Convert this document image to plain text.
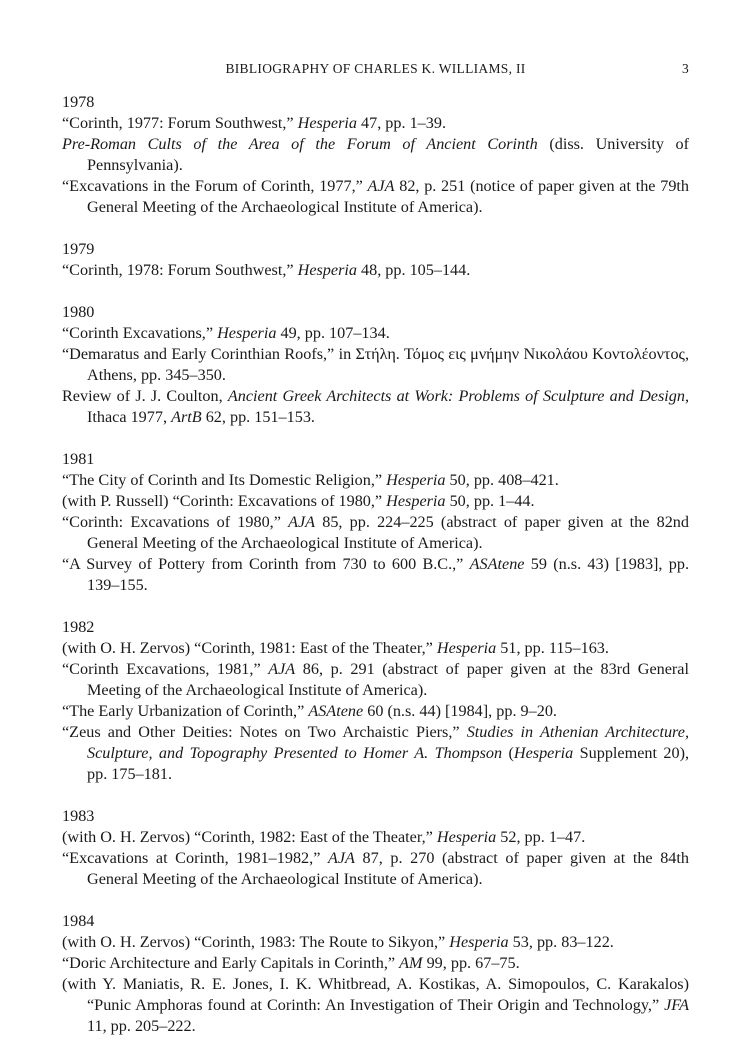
BIBLIOGRAPHY OF CHARLES K. WILLIAMS, II	3
1978
“Corinth, 1977: Forum Southwest,” Hesperia 47, pp. 1–39.
Pre-Roman Cults of the Area of the Forum of Ancient Corinth (diss. University of Pennsylvania).
“Excavations in the Forum of Corinth, 1977,” AJA 82, p. 251 (notice of paper given at the 79th General Meeting of the Archaeological Institute of America).
1979
“Corinth, 1978: Forum Southwest,” Hesperia 48, pp. 105–144.
1980
“Corinth Excavations,” Hesperia 49, pp. 107–134.
“Demaratus and Early Corinthian Roofs,” in Στήλη. Τόμος εις μνήμην Νικολάου Κοντολέοντος, Athens, pp. 345–350.
Review of J. J. Coulton, Ancient Greek Architects at Work: Problems of Sculpture and Design, Ithaca 1977, ArtB 62, pp. 151–153.
1981
“The City of Corinth and Its Domestic Religion,” Hesperia 50, pp. 408–421.
(with P. Russell) “Corinth: Excavations of 1980,” Hesperia 50, pp. 1–44.
“Corinth: Excavations of 1980,” AJA 85, pp. 224–225 (abstract of paper given at the 82nd General Meeting of the Archaeological Institute of America).
“A Survey of Pottery from Corinth from 730 to 600 B.C.,” ASAtene 59 (n.s. 43) [1983], pp. 139–155.
1982
(with O. H. Zervos) “Corinth, 1981: East of the Theater,” Hesperia 51, pp. 115–163.
“Corinth Excavations, 1981,” AJA 86, p. 291 (abstract of paper given at the 83rd General Meeting of the Archaeological Institute of America).
“The Early Urbanization of Corinth,” ASAtene 60 (n.s. 44) [1984], pp. 9–20.
“Zeus and Other Deities: Notes on Two Archaistic Piers,” Studies in Athenian Architecture, Sculpture, and Topography Presented to Homer A. Thompson (Hesperia Supplement 20), pp. 175–181.
1983
(with O. H. Zervos) “Corinth, 1982: East of the Theater,” Hesperia 52, pp. 1–47.
“Excavations at Corinth, 1981–1982,” AJA 87, p. 270 (abstract of paper given at the 84th General Meeting of the Archaeological Institute of America).
1984
(with O. H. Zervos) “Corinth, 1983: The Route to Sikyon,” Hesperia 53, pp. 83–122.
“Doric Architecture and Early Capitals in Corinth,” AM 99, pp. 67–75.
(with Y. Maniatis, R. E. Jones, I. K. Whitbread, A. Kostikas, A. Simopoulos, C. Karakalos) “Punic Amphoras found at Corinth: An Investigation of Their Origin and Technology,” JFA 11, pp. 205–222.
